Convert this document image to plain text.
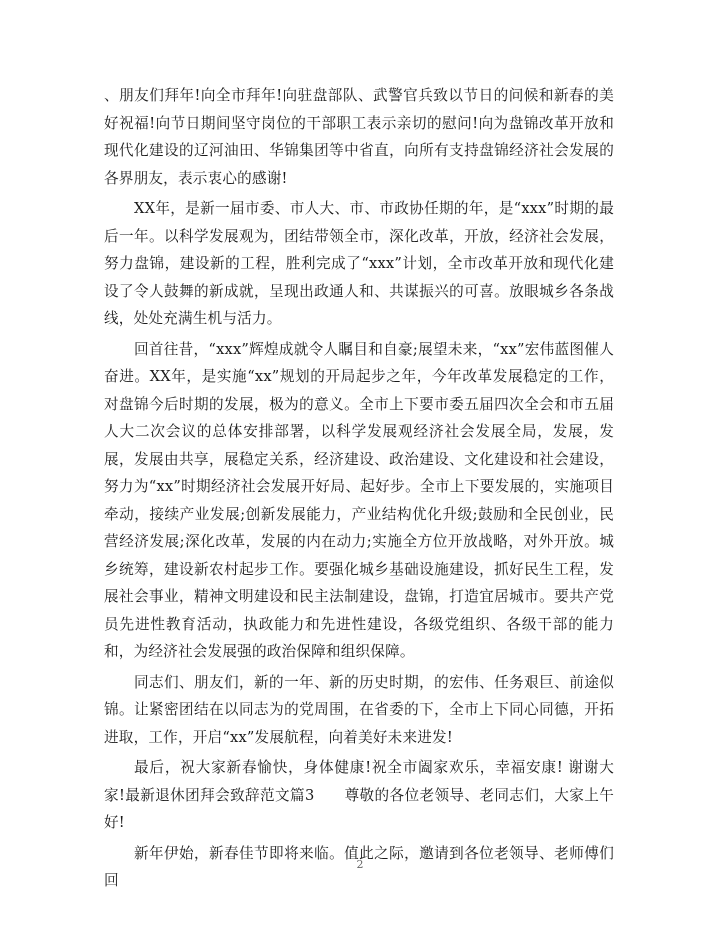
、朋友们拜年!向全市拜年!向驻盘部队、武警官兵致以节日的问候和新春的美好祝福!向节日期间坚守岗位的干部职工表示亲切的慰问!向为盘锦改革开放和现代化建设的辽河油田、华锦集团等中省直，向所有支持盘锦经济社会发展的各界朋友，表示衷心的感谢!

XX年，是新一届市委、市人大、市、市政协任期的年，是“xxx”时期的最后一年。以科学发展观为，团结带领全市，深化改革，开放，经济社会发展，努力盘锦，建设新的工程，胜利完成了“xxx”计划，全市改革开放和现代化建设了令人鼓舞的新成就，呈现出政通人和、共谋振兴的可喜。放眼城乡各条战线，处处充满生机与活力。

回首往昔，“xxx”辉煌成就令人瞩目和自豪;展望未来，“xx”宏伟蓝图催人奋进。XX年，是实施“xx”规划的开局起步之年，今年改革发展稳定的工作，对盘锦今后时期的发展，极为的意义。全市上下要市委五届四次全会和市五届人大二次会议的总体安排部署，以科学发展观经济社会发展全局，发展，发展，发展由共享，展稳定关系，经济建设、政治建设、文化建设和社会建设，努力为“xx”时期经济社会发展开好局、起好步。全市上下要发展的，实施项目牵动，接续产业发展;创新发展能力，产业结构优化升级;鼓励和全民创业，民营经济发展;深化改革，发展的内在动力;实施全方位开放战略，对外开放。城乡统筹，建设新农村起步工作。要强化城乡基础设施建设，抓好民生工程，发展社会事业，精神文明建设和民主法制建设，盘锦，打造宜居城市。要共产党员先进性教育活动，执政能力和先进性建设，各级党组织、各级干部的能力和，为经济社会发展强的政治保障和组织保障。

同志们、朋友们，新的一年、新的历史时期，的宏伟、任务艰巨、前途似锦。让紧密团结在以同志为的党周围，在省委的下，全市上下同心同德，开拓进取，工作，开启“xx”发展航程，向着美好未来进发!

最后，祝大家新春愉快，身体健康!祝全市阖家欢乐，幸福安康! 谢谢大家!最新退休团拜会致辞范文篇3　　尊敬的各位老领导、老同志们，大家上午好!

新年伊始，新春佳节即将来临。值此之际，邀请到各位老领导、老师傅们回

2
